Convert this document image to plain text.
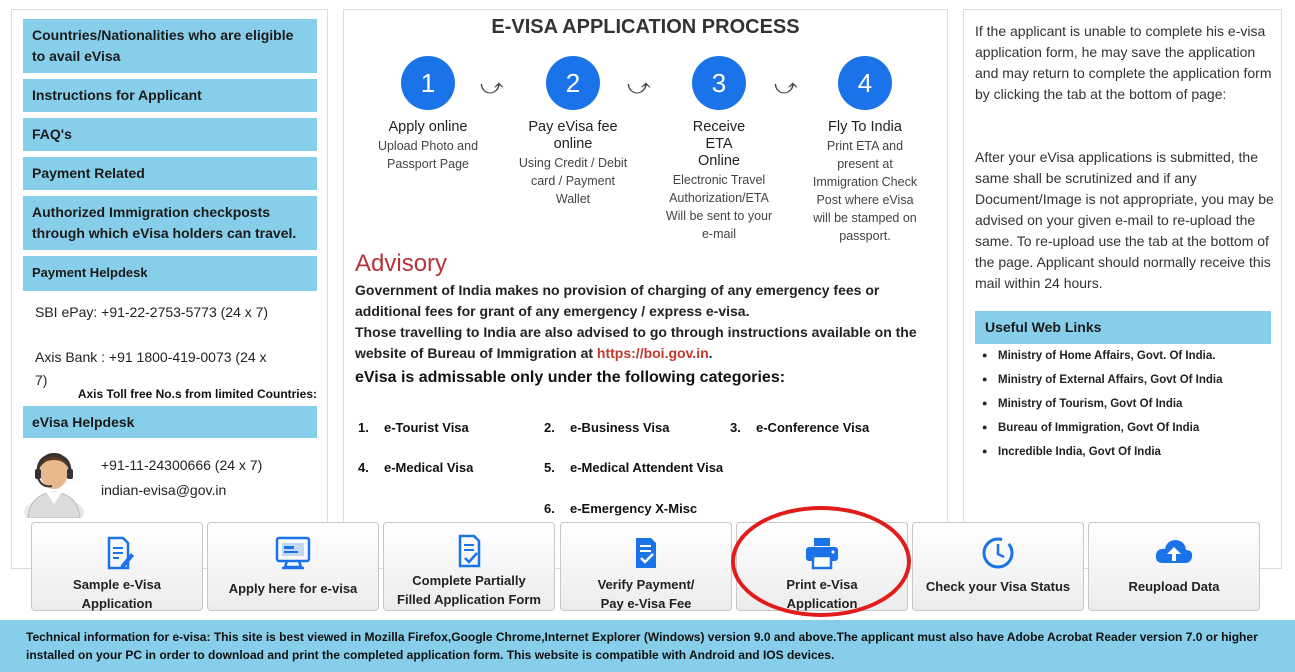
Countries/Nationalities who are eligible to avail eVisa
Instructions for Applicant
FAQ's
Payment Related
Authorized Immigration checkposts through which eVisa holders can travel.
Payment Helpdesk
SBI ePay: +91-22-2753-5773 (24 x 7)
Axis Bank : +91 1800-419-0073 (24 x
7)
Axis Toll free No.s from limited Countries:
eVisa Helpdesk
+91-11-24300666 (24 x 7)
indian-evisa@gov.in
E-VISA APPLICATION PROCESS
1
Apply online
Upload Photo and Passport Page
⤻	2
Pay eVisa fee online
Using Credit / Debit card / Payment Wallet
⤻	3
Receive ETA Online
Electronic Travel Authorization/ETA Will be sent to your e-mail
⤻	4
Fly To India
Print ETA and present at Immigration Check Post where eVisa will be stamped on passport.
Advisory
Government of India makes no provision of charging of any emergency fees or additional fees for grant of any emergency / express e-visa.
Those travelling to India are also advised to go through instructions available on the website of Bureau of Immigration at https://boi.gov.in.
eVisa is admissable only under the following categories:
1. e-Tourist Visa	2. e-Business Visa	3. e-Conference Visa
4. e-Medical Visa	5. e-Medical Attendent Visa
6. e-Emergency X-Misc
If the applicant is unable to complete his e-visa application form, he may save the application and may return to complete the application form by clicking the tab at the bottom of page:
After your eVisa applications is submitted, the same shall be scrutinized and if any Document/Image is not appropriate, you may be advised on your given e-mail to re-upload the same. To re-upload use the tab at the bottom of the page. Applicant should normally receive this mail within 24 hours.
Useful Web Links
● Ministry of Home Affairs, Govt. Of India.
● Ministry of External Affairs, Govt Of India
● Ministry of Tourism, Govt Of India
● Bureau of Immigration, Govt Of India
● Incredible India, Govt Of India
Sample e-Visa
Application
Apply here for e-visa
Complete Partially
Filled Application Form
Verify Payment/
Pay e-Visa Fee
Print e-Visa
Application
Check your Visa Status	Reupload Data
Technical information for e-visa: This site is best viewed in Mozilla Firefox,Google Chrome,Internet Explorer (Windows) version 9.0 and above.The applicant must also have Adobe Acrobat Reader version 7.0 or higher installed on your PC in order to download and print the completed application form. This website is compatible with Android and IOS devices.
